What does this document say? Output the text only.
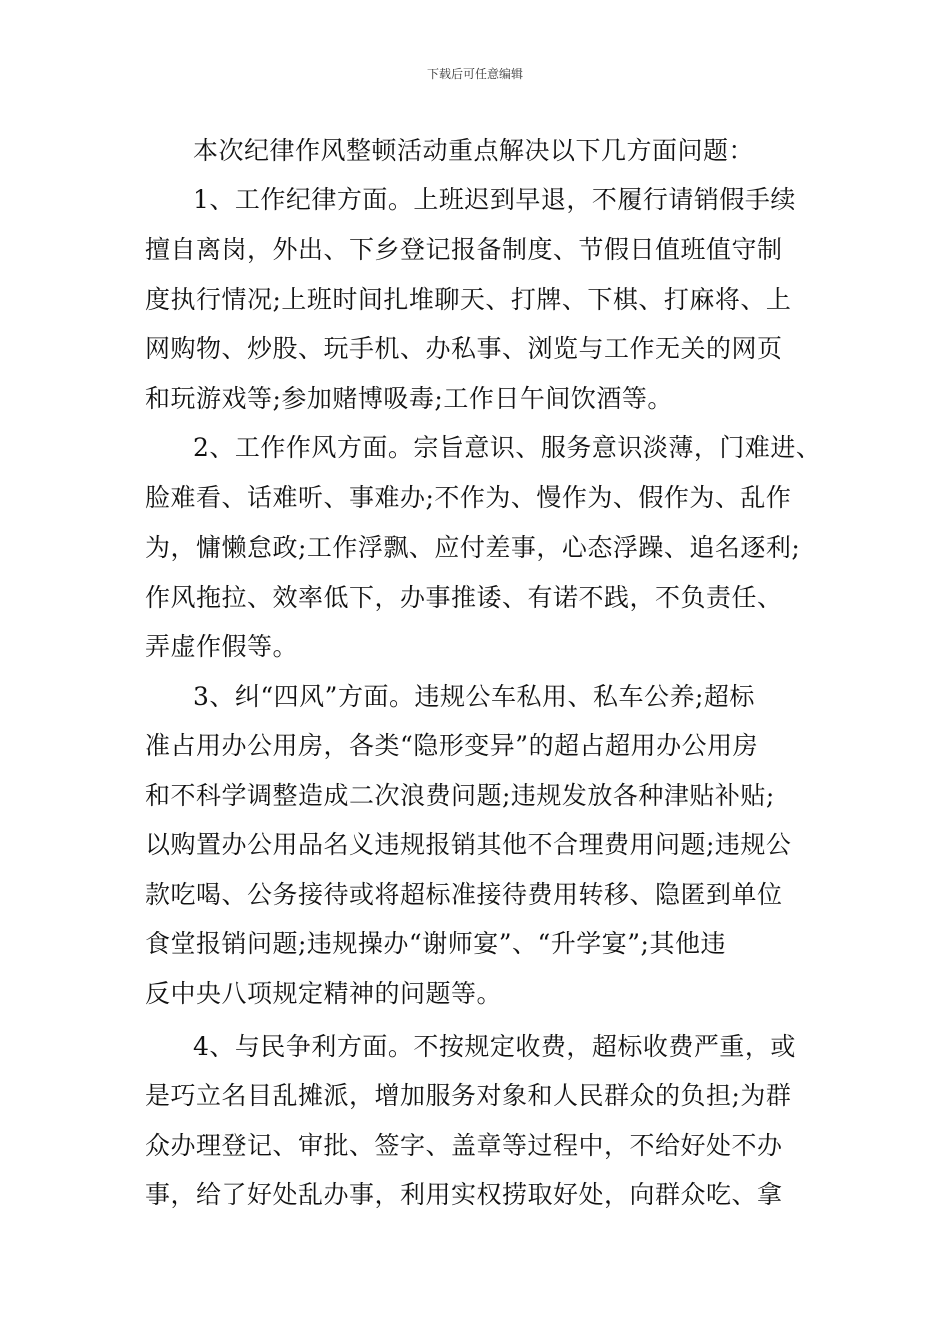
下载后可任意编辑
本次纪律作风整顿活动重点解决以下几方面问题：
1、工作纪律方面。上班迟到早退，不履行请销假手续
擅自离岗，外出、下乡登记报备制度、节假日值班值守制
度执行情况;上班时间扎堆聊天、打牌、下棋、打麻将、上
网购物、炒股、玩手机、办私事、浏览与工作无关的网页
和玩游戏等;参加赌博吸毒;工作日午间饮酒等。
2、工作作风方面。宗旨意识、服务意识淡薄，门难进、
脸难看、话难听、事难办;不作为、慢作为、假作为、乱作
为，慵懒怠政;工作浮飘、应付差事，心态浮躁、追名逐利;
作风拖拉、效率低下，办事推诿、有诺不践，不负责任、
弄虚作假等。
3、纠“四风”方面。违规公车私用、私车公养;超标
准占用办公用房，各类“隐形变异”的超占超用办公用房
和不科学调整造成二次浪费问题;违规发放各种津贴补贴;
以购置办公用品名义违规报销其他不合理费用问题;违规公
款吃喝、公务接待或将超标准接待费用转移、隐匿到单位
食堂报销问题;违规操办“谢师宴”、“升学宴”;其他违
反中央八项规定精神的问题等。
4、与民争利方面。不按规定收费，超标收费严重，或
是巧立名目乱摊派，增加服务对象和人民群众的负担;为群
众办理登记、审批、签字、盖章等过程中，不给好处不办
事，给了好处乱办事，利用实权捞取好处，向群众吃、拿
